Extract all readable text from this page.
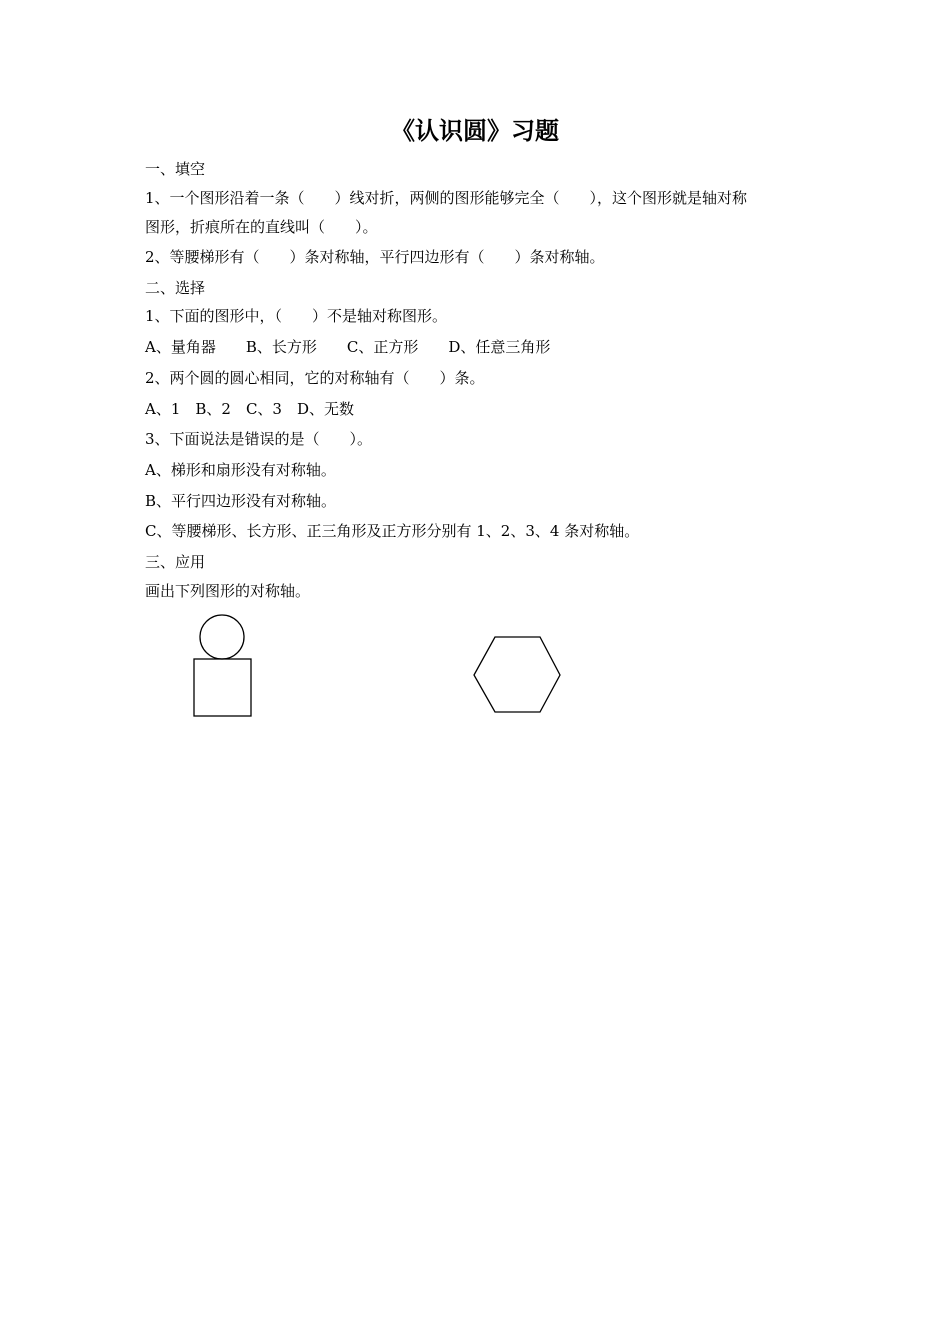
《认识圆》习题
一、填空
1、一个图形沿着一条（　　）线对折，两侧的图形能够完全（　　），这个图形就是轴对称
图形，折痕所在的直线叫（　　）。
2、等腰梯形有（　　）条对称轴，平行四边形有（　　）条对称轴。
二、选择
1、下面的图形中，（　　）不是轴对称图形。
A、量角器　　B、长方形　　C、正方形　　D、任意三角形
2、两个圆的圆心相同，它的对称轴有（　　）条。
A、1　B、2　C、3　D、无数
3、下面说法是错误的是（　　）。
A、梯形和扇形没有对称轴。
B、平行四边形没有对称轴。
C、等腰梯形、长方形、正三角形及正方形分别有 1、2、3、4 条对称轴。
三、应用
画出下列图形的对称轴。
